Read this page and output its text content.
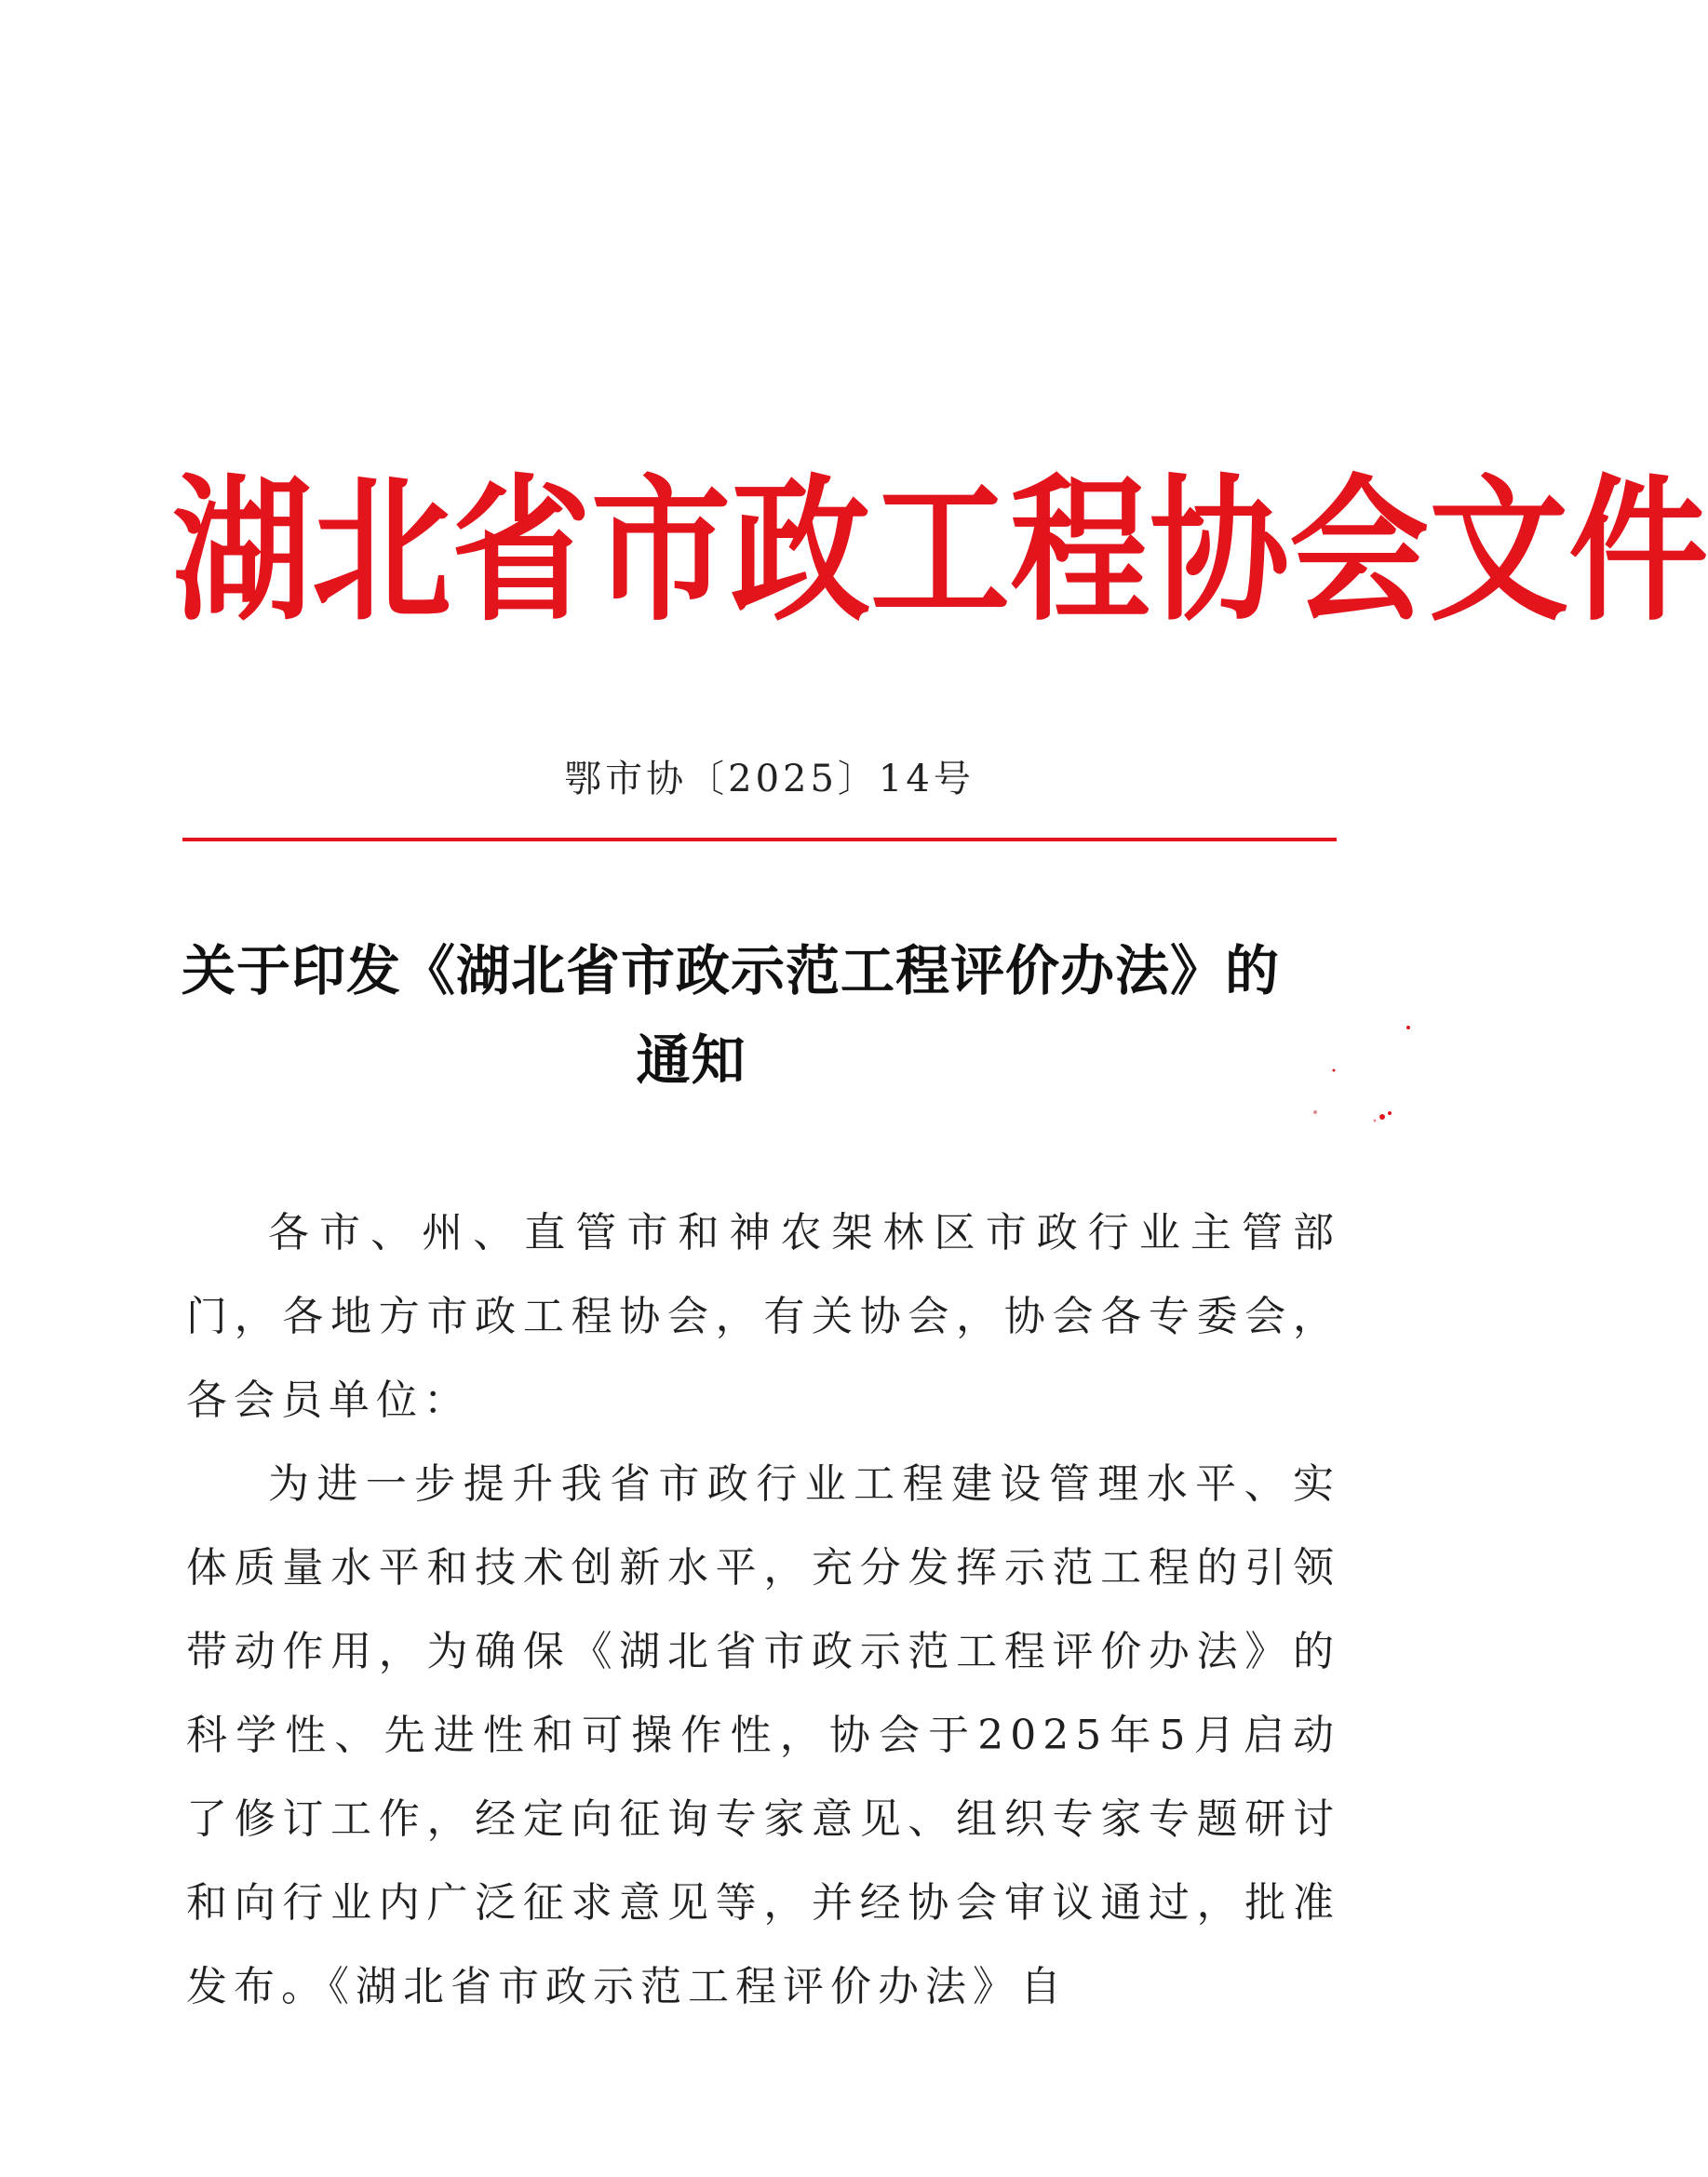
湖 北 省 市 政 工 程 协 会 文 件
鄂市协〔2025〕14号
关于印发《湖北省市政示范工程评价办法》的
通知

各市、州、直管市和神农架林区市政行业主管部门，各地方市政工程协会，有关协会，协会各专委会，各会员单位：

为进一步提升我省市政行业工程建设管理水平、实体质量水平和技术创新水平，充分发挥示范工程的引领带动作用，为确保《湖北省市政示范工程评价办法》的科学性、先进性和可操作性，协会于2025年5月启动了修订工作，经定向征询专家意见、组织专家专题研讨和向行业内广泛征求意见等，并经协会审议通过，批准发布。《湖北省市政示范工程评价办法》自
